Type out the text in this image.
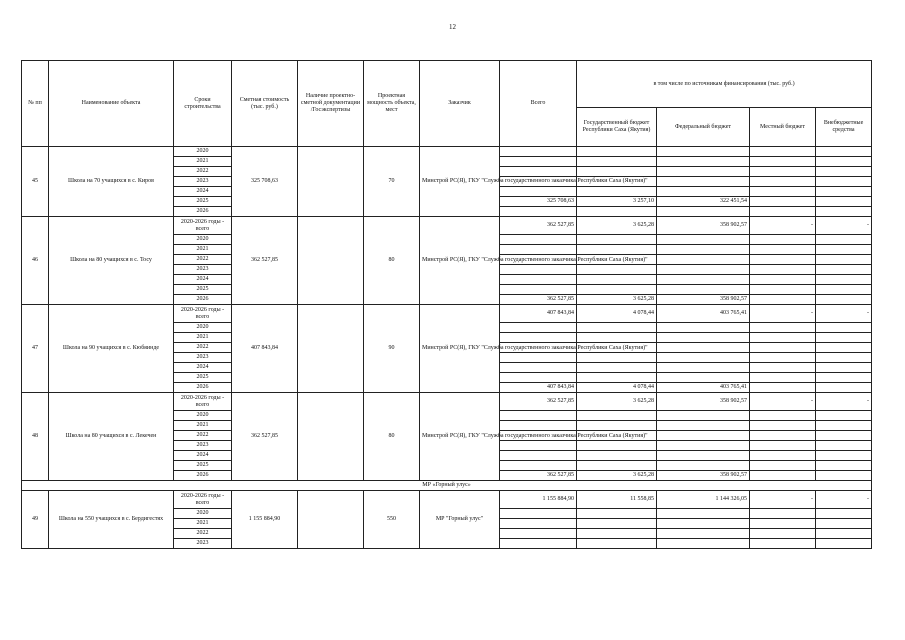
12
№ пп	Наименование объекта	Сроки строительства	Сметная стоимость (тыс. руб.)	Наличие проектно-сметной документации /Госэкспертизы	Проектная мощность объекта, мест	Заказчик	Всего	в том числе по источникам финансирования (тыс. руб.)			
								Государственный бюджет Республики Саха (Якутия)	Федеральный бюджет	Местный бюджет	Внебюджетные средства
45	Школа на 70 учащихся в с. Киров	2020	325 708,63		70	Минстрой РС(Я), ГКУ "Служба государственного заказчика Республики Саха (Якутия)"					
		2021									
		2022									
		2023									
		2024									
		2025					325 708,63	3 257,10	322 451,54		
		2026									
46	Школа на 80 учащихся в с. Тосу	2020-2026 годы - всего	362 527,85		80	Минстрой РС(Я), ГКУ "Служба государственного заказчика Республики Саха (Якутия)"	362 527,85	3 625,28	358 902,57	-	-
		2020									
		2021									
		2022									
		2023									
		2024									
		2025									
		2026					362 527,85	3 625,28	358 902,57		
47	Школа на 90 учащихся в с. Кюбяинде	2020-2026 годы - всего	407 843,84		90	Минстрой РС(Я), ГКУ "Служба государственного заказчика Республики Саха (Якутия)"	407 843,84	4 078,44	403 765,41	-	-
		2020									
		2021									
		2022									
		2023									
		2024									
		2025									
		2026					407 843,84	4 078,44	403 765,41		
48	Школа на 80 учащихся в с. Лекечен	2020-2026 годы - всего	362 527,85		80	Минстрой РС(Я), ГКУ "Служба государственного заказчика Республики Саха (Якутия)"	362 527,85	3 625,28	358 902,57	-	-
		2020									
		2021									
		2022									
		2023									
		2024									
		2025									
		2026					362 527,85	3 625,28	358 902,57		
МР «Горный улус»											
49	Школа на 550 учащихся в с. Бердигестях	2020-2026 годы - всего	1 155 884,90		550	МР "Горный улус"	1 155 884,90	11 558,85	1 144 326,05	-	-
		2020									
		2021									
		2022									
		2023									
